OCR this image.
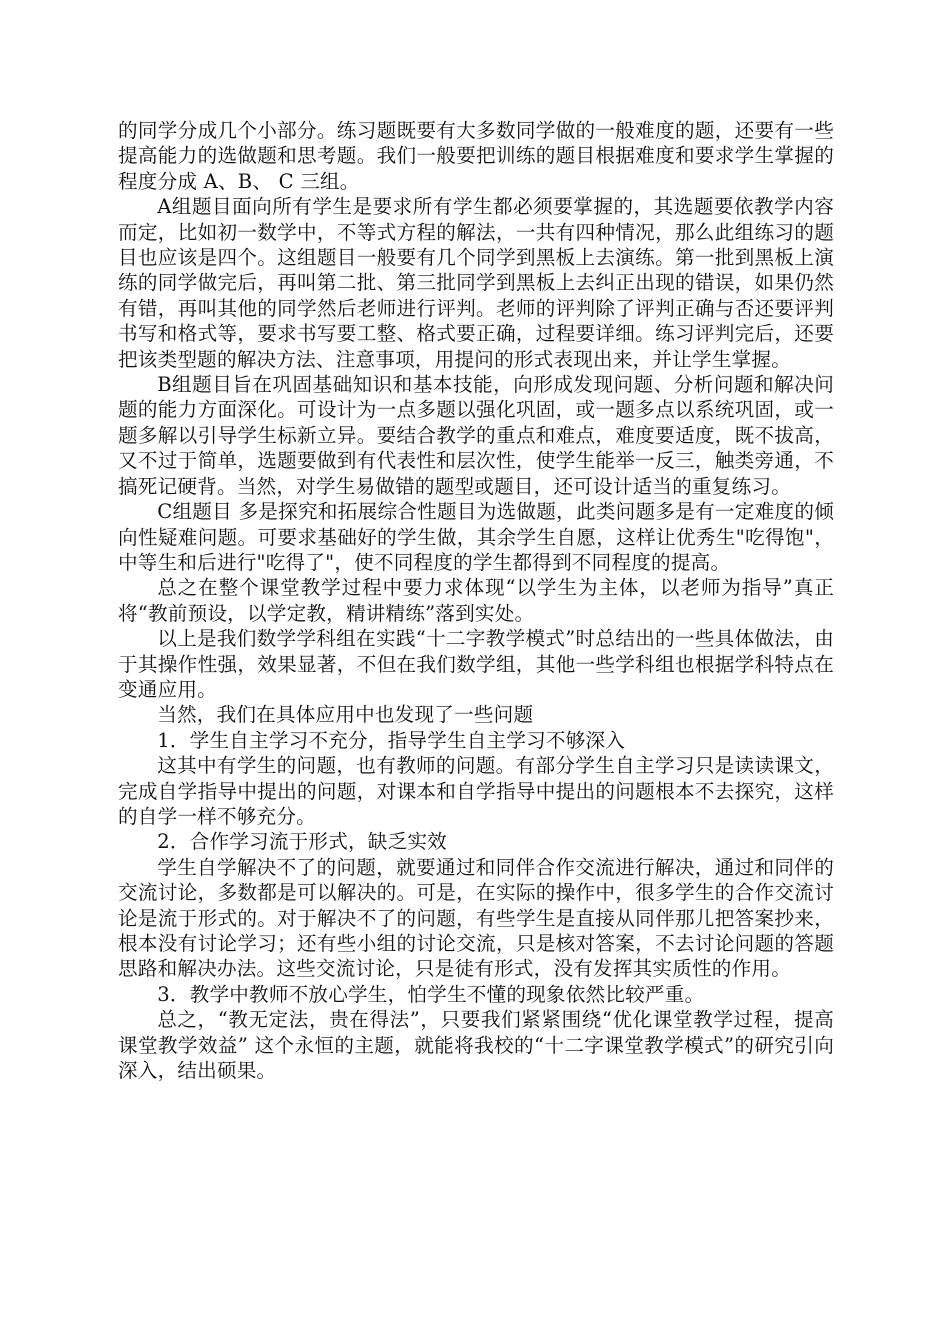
的同学分成几个小部分。练习题既要有大多数同学做的一般难度的题，还要有一些提高能力的选做题和思考题。我们一般要把训练的题目根据难度和要求学生掌握的程度分成 A、B、 C 三组。

A组题目面向所有学生是要求所有学生都必须要掌握的，其选题要依教学内容而定，比如初一数学中，不等式方程的解法，一共有四种情况，那么此组练习的题目也应该是四个。这组题目一般要有几个同学到黑板上去演练。第一批到黑板上演练的同学做完后，再叫第二批、第三批同学到黑板上去纠正出现的错误，如果仍然有错，再叫其他的同学然后老师进行评判。老师的评判除了评判正确与否还要评判书写和格式等，要求书写要工整、格式要正确，过程要详细。练习评判完后，还要把该类型题的解决方法、注意事项，用提问的形式表现出来，并让学生掌握。

B组题目旨在巩固基础知识和基本技能，向形成发现问题、分析问题和解决问题的能力方面深化。可设计为一点多题以强化巩固，或一题多点以系统巩固，或一题多解以引导学生标新立异。要结合教学的重点和难点，难度要适度，既不拔高，又不过于简单，选题要做到有代表性和层次性，使学生能举一反三，触类旁通，不搞死记硬背。当然，对学生易做错的题型或题目，还可设计适当的重复练习。

C组题目 多是探究和拓展综合性题目为选做题，此类问题多是有一定难度的倾向性疑难问题。可要求基础好的学生做，其余学生自愿，这样让优秀生"吃得饱"，中等生和后进行"吃得了"，使不同程度的学生都得到不同程度的提高。

总之在整个课堂教学过程中要力求体现“以学生为主体，以老师为指导”真正将“教前预设，以学定教，精讲精练”落到实处。

以上是我们数学学科组在实践“十二字教学模式”时总结出的一些具体做法，由于其操作性强，效果显著，不但在我们数学组，其他一些学科组也根据学科特点在变通应用。

当然，我们在具体应用中也发现了一些问题

1．学生自主学习不充分，指导学生自主学习不够深入

这其中有学生的问题，也有教师的问题。有部分学生自主学习只是读读课文，完成自学指导中提出的问题，对课本和自学指导中提出的问题根本不去探究，这样的自学一样不够充分。

2．合作学习流于形式，缺乏实效

学生自学解决不了的问题，就要通过和同伴合作交流进行解决，通过和同伴的交流讨论，多数都是可以解决的。可是，在实际的操作中，很多学生的合作交流讨论是流于形式的。对于解决不了的问题，有些学生是直接从同伴那儿把答案抄来，根本没有讨论学习；还有些小组的讨论交流，只是核对答案，不去讨论问题的答题思路和解决办法。这些交流讨论，只是徒有形式，没有发挥其实质性的作用。

3．教学中教师不放心学生，怕学生不懂的现象依然比较严重。

总之，“教无定法，贵在得法”，只要我们紧紧围绕“优化课堂教学过程，提高课堂教学效益” 这个永恒的主题，就能将我校的“十二字课堂教学模式”的研究引向深入，结出硕果。
